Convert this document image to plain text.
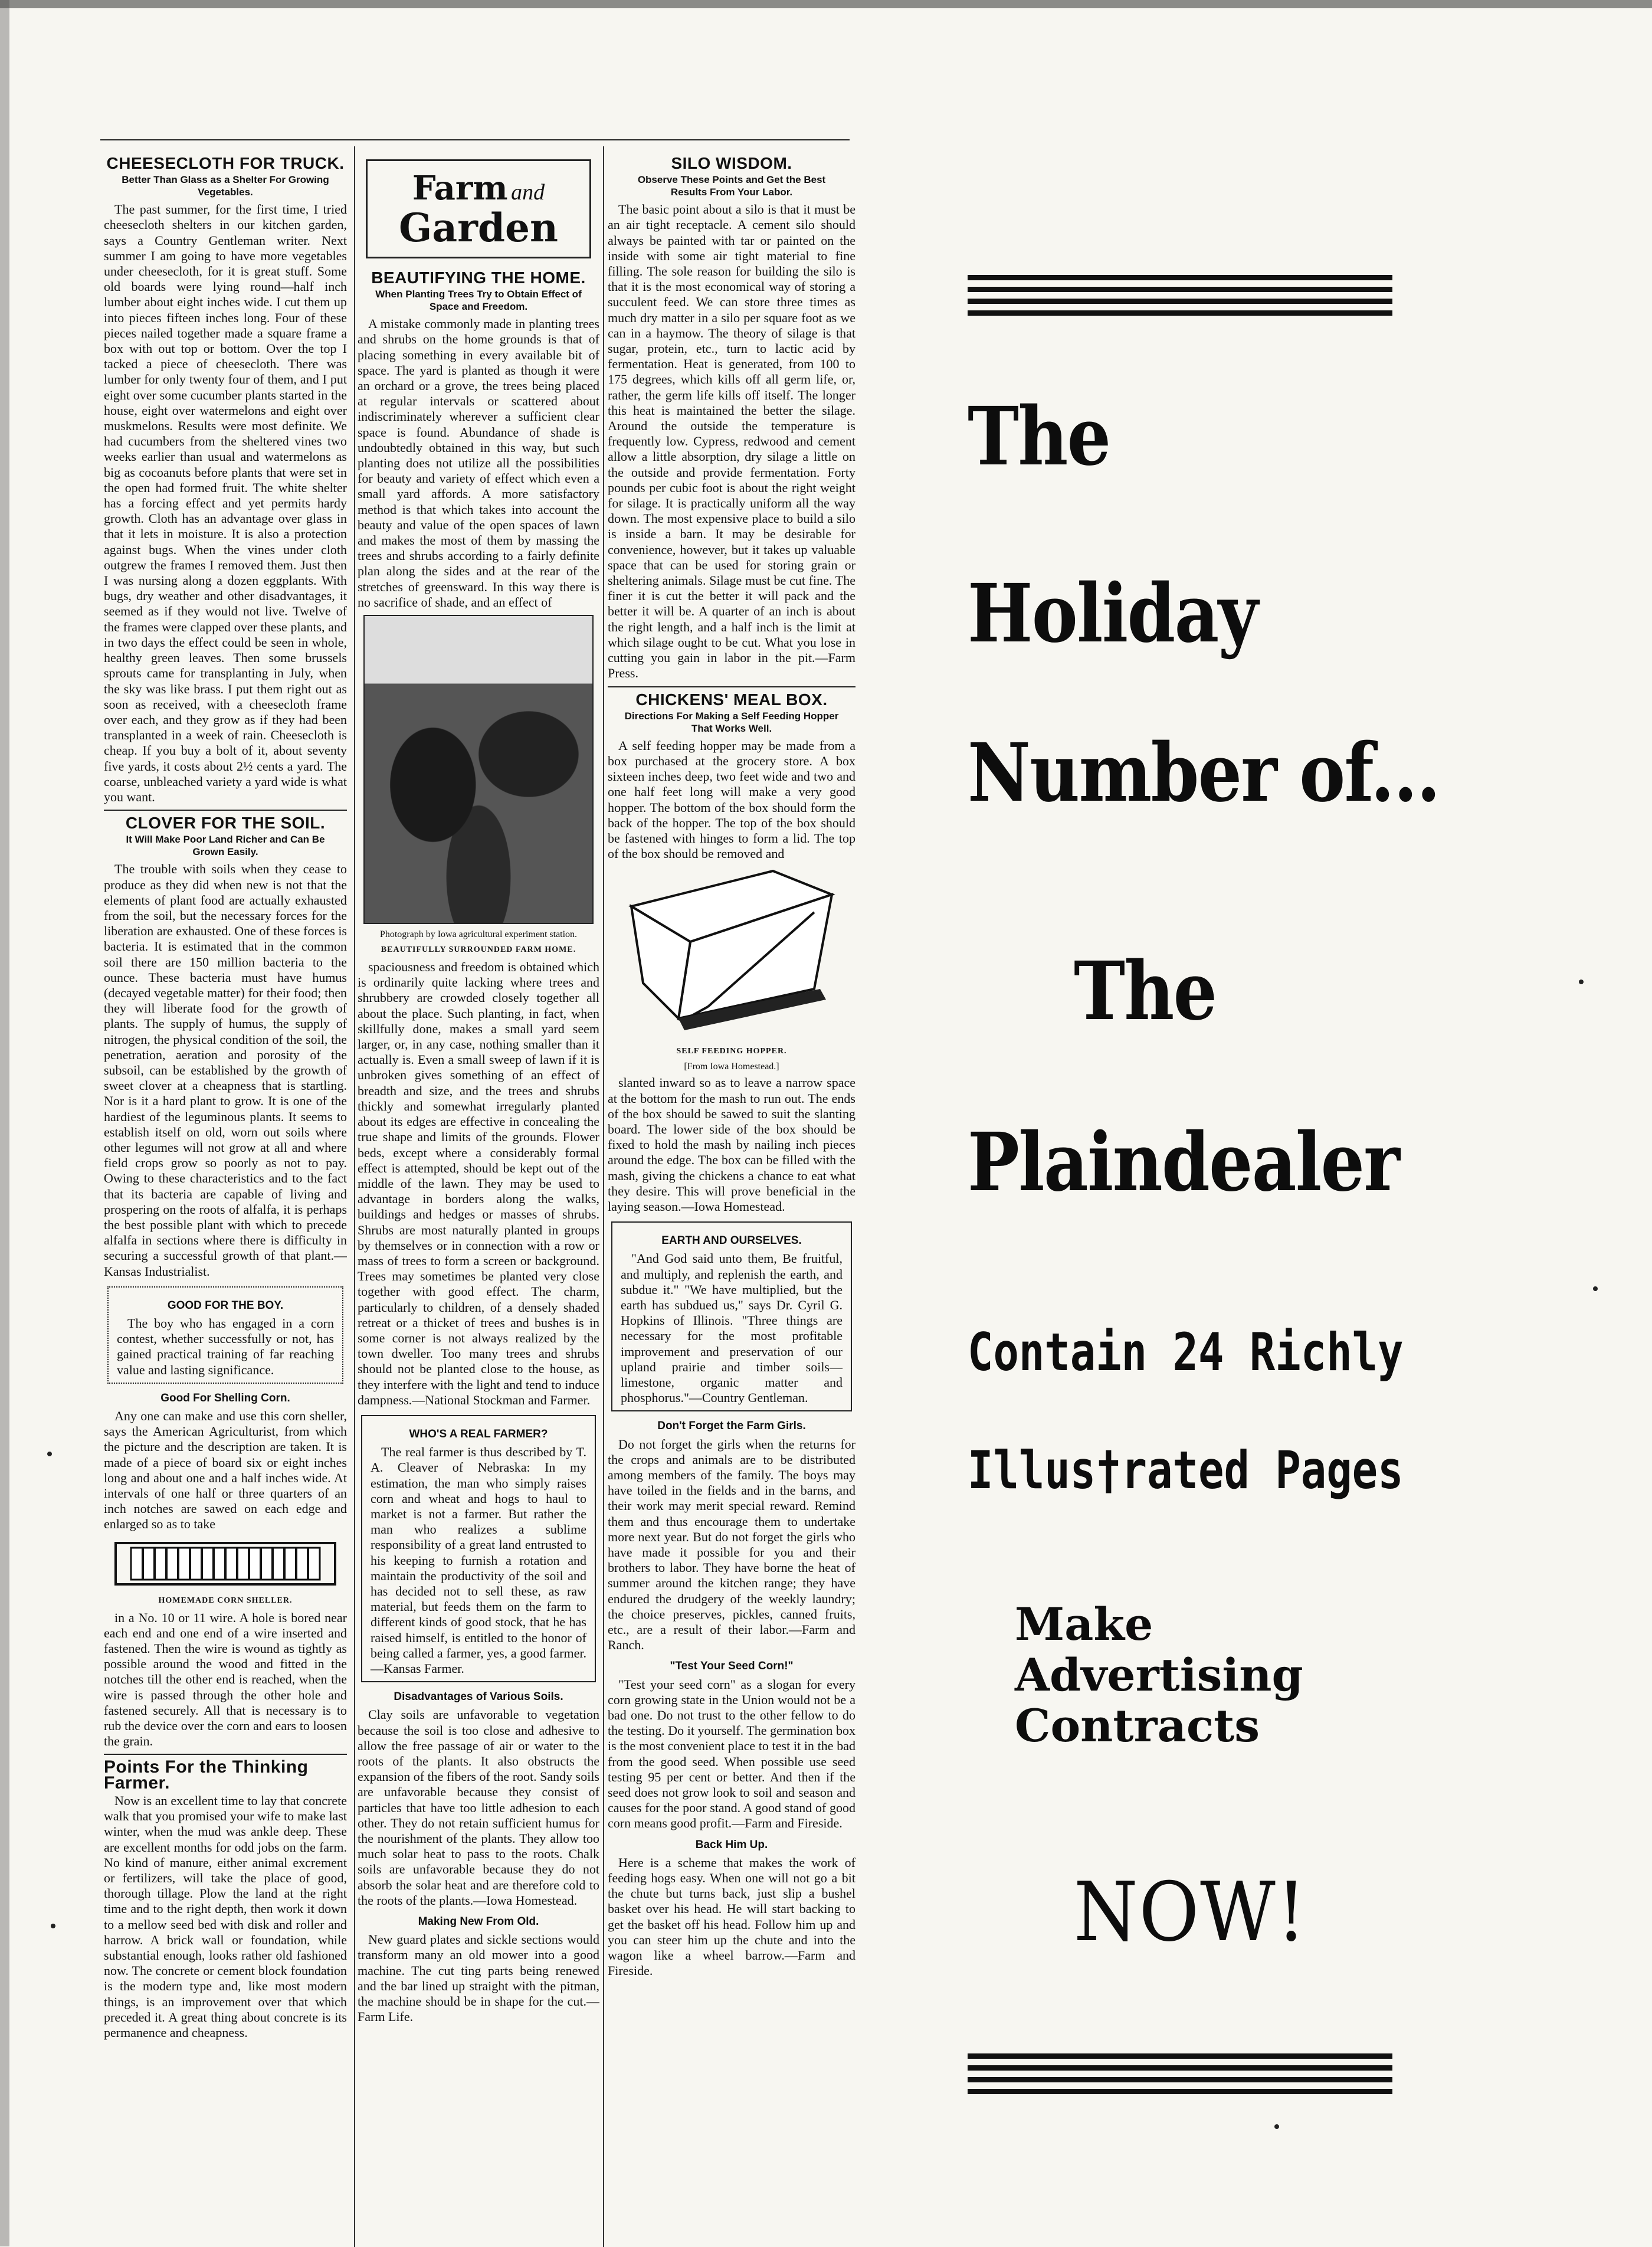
CHEESECLOTH FOR TRUCK.
Better Than Glass as a Shelter For Growing Vegetables.

The past summer, for the first time, I tried cheesecloth shelters in our kitchen garden, says a Country Gentleman writer. Next summer I am going to have more vegetables under cheesecloth, for it is great stuff. Some old boards were lying round—half inch lumber about eight inches wide. I cut them up into pieces fifteen inches long. Four of these pieces nailed together made a square frame a box with out top or bottom. Over the top I tacked a piece of cheesecloth. There was lumber for only twenty four of them, and I put eight over some cucumber plants started in the house, eight over watermelons and eight over muskmelons. Results were most definite. We had cucumbers from the sheltered vines two weeks earlier than usual and watermelons as big as cocoanuts before plants that were set in the open had formed fruit. The white shelter has a forcing effect and yet permits hardy growth. Cloth has an advantage over glass in that it lets in moisture. It is also a protection against bugs. When the vines under cloth outgrew the frames I removed them. Just then I was nursing along a dozen eggplants. With bugs, dry weather and other disadvantages, it seemed as if they would not live. Twelve of the frames were clapped over these plants, and in two days the effect could be seen in whole, healthy green leaves. Then some brussels sprouts came for transplanting in July, when the sky was like brass. I put them right out as soon as received, with a cheesecloth frame over each, and they grow as if they had been transplanted in a week of rain. Cheesecloth is cheap. If you buy a bolt of it, about seventy five yards, it costs about 2½ cents a yard. The coarse, unbleached variety a yard wide is what you want.

CLOVER FOR THE SOIL.
It Will Make Poor Land Richer and Can Be Grown Easily.

The trouble with soils when they cease to produce as they did when new is not that the elements of plant food are actually exhausted from the soil, but the necessary forces for the liberation are exhausted. One of these forces is bacteria. It is estimated that in the common soil there are 150 million bacteria to the ounce. These bacteria must have humus (decayed vegetable matter) for their food; then they will liberate food for the growth of plants. The supply of humus, the supply of nitrogen, the physical condition of the soil, the penetration, aeration and porosity of the subsoil, can be established by the growth of sweet clover at a cheapness that is startling. Nor is it a hard plant to grow. It is one of the hardiest of the leguminous plants. It seems to establish itself on old, worn out soils where other legumes will not grow at all and where field crops grow so poorly as not to pay. Owing to these characteristics and to the fact that its bacteria are capable of living and prospering on the roots of alfalfa, it is perhaps the best possible plant with which to precede alfalfa in sections where there is difficulty in securing a successful growth of that plant.—Kansas Industrialist.

GOOD FOR THE BOY.

The boy who has engaged in a corn contest, whether successfully or not, has gained practical training of far reaching value and lasting significance.

Good For Shelling Corn.

Any one can make and use this corn sheller, says the American Agriculturist, from which the picture and the description are taken. It is made of a piece of board six or eight inches long and about one and a half inches wide. At intervals of one half or three quarters of an inch notches are sawed on each edge and enlarged so as to take

HOMEMADE CORN SHELLER.

in a No. 10 or 11 wire. A hole is bored near each end and one end of a wire inserted and fastened. Then the wire is wound as tightly as possible around the wood and fitted in the notches till the other end is reached, when the wire is passed through the other hole and fastened securely. All that is necessary is to rub the device over the corn and ears to loosen the grain.

Points For the Thinking Farmer.

Now is an excellent time to lay that concrete walk that you promised your wife to make last winter, when the mud was ankle deep. These are excellent months for odd jobs on the farm. No kind of manure, either animal excrement or fertilizers, will take the place of good, thorough tillage. Plow the land at the right time and to the right depth, then work it down to a mellow seed bed with disk and roller and harrow. A brick wall or foundation, while substantial enough, looks rather old fashioned now. The concrete or cement block foundation is the modern type and, like most modern things, is an improvement over that which preceded it. A great thing about concrete is its permanence and cheapness.

Farm and
Garden
BEAUTIFYING THE HOME.
When Planting Trees Try to Obtain Effect of Space and Freedom.

A mistake commonly made in planting trees and shrubs on the home grounds is that of placing something in every available bit of space. The yard is planted as though it were an orchard or a grove, the trees being placed at regular intervals or scattered about indiscriminately wherever a sufficient clear space is found. Abundance of shade is undoubtedly obtained in this way, but such planting does not utilize all the possibilities for beauty and variety of effect which even a small yard affords. A more satisfactory method is that which takes into account the beauty and value of the open spaces of lawn and makes the most of them by massing the trees and shrubs according to a fairly definite plan along the sides and at the rear of the stretches of greensward. In this way there is no sacrifice of shade, and an effect of

Photograph by Iowa agricultural experiment station.
BEAUTIFULLY SURROUNDED FARM HOME.

spaciousness and freedom is obtained which is ordinarily quite lacking where trees and shrubbery are crowded closely together all about the place. Such planting, in fact, when skillfully done, makes a small yard seem larger, or, in any case, nothing smaller than it actually is. Even a small sweep of lawn if it is unbroken gives something of an effect of breadth and size, and the trees and shrubs thickly and somewhat irregularly planted about its edges are effective in concealing the true shape and limits of the grounds. Flower beds, except where a considerably formal effect is attempted, should be kept out of the middle of the lawn. They may be used to advantage in borders along the walks, buildings and hedges or masses of shrubs. Shrubs are most naturally planted in groups by themselves or in connection with a row or mass of trees to form a screen or background. Trees may sometimes be planted very close together with good effect. The charm, particularly to children, of a densely shaded retreat or a thicket of trees and bushes is in some corner is not always realized by the town dweller. Too many trees and shrubs should not be planted close to the house, as they interfere with the light and tend to induce dampness.—National Stockman and Farmer.

WHO'S A REAL FARMER?

The real farmer is thus described by T. A. Cleaver of Nebraska: In my estimation, the man who simply raises corn and wheat and hogs to haul to market is not a farmer. But rather the man who realizes a sublime responsibility of a great land entrusted to his keeping to furnish a rotation and maintain the productivity of the soil and has decided not to sell these, as raw material, but feeds them on the farm to different kinds of good stock, that he has raised himself, is entitled to the honor of being called a farmer, yes, a good farmer.—Kansas Farmer.

Disadvantages of Various Soils.

Clay soils are unfavorable to vegetation because the soil is too close and adhesive to allow the free passage of air or water to the roots of the plants. It also obstructs the expansion of the fibers of the root. Sandy soils are unfavorable because they consist of particles that have too little adhesion to each other. They do not retain sufficient humus for the nourishment of the plants. They allow too much solar heat to pass to the roots. Chalk soils are unfavorable because they do not absorb the solar heat and are therefore cold to the roots of the plants.—Iowa Homestead.

Making New From Old.

New guard plates and sickle sections would transform many an old mower into a good machine. The cut ting parts being renewed and the bar lined up straight with the pitman, the machine should be in shape for the cut.—Farm Life.

SILO WISDOM.
Observe These Points and Get the Best Results From Your Labor.

The basic point about a silo is that it must be an air tight receptacle. A cement silo should always be painted with tar or painted on the inside with some air tight material to fine filling. The sole reason for building the silo is that it is the most economical way of storing a succulent feed. We can store three times as much dry matter in a silo per square foot as we can in a haymow. The theory of silage is that sugar, protein, etc., turn to lactic acid by fermentation. Heat is generated, from 100 to 175 degrees, which kills off all germ life, or, rather, the germ life kills off itself. The longer this heat is maintained the better the silage. Around the outside the temperature is frequently low. Cypress, redwood and cement allow a little absorption, dry silage a little on the outside and provide fermentation. Forty pounds per cubic foot is about the right weight for silage. It is practically uniform all the way down. The most expensive place to build a silo is inside a barn. It may be desirable for convenience, however, but it takes up valuable space that can be used for storing grain or sheltering animals. Silage must be cut fine. The finer it is cut the better it will pack and the better it will be. A quarter of an inch is about the right length, and a half inch is the limit at which silage ought to be cut. What you lose in cutting you gain in labor in the pit.—Farm Press.

CHICKENS' MEAL BOX.
Directions For Making a Self Feeding Hopper That Works Well.

A self feeding hopper may be made from a box purchased at the grocery store. A box sixteen inches deep, two feet wide and two and one half feet long will make a very good hopper. The bottom of the box should form the back of the hopper. The top of the box should be fastened with hinges to form a lid. The top of the box should be removed and

SELF FEEDING HOPPER.
[From Iowa Homestead.]

slanted inward so as to leave a narrow space at the bottom for the mash to run out. The ends of the box should be sawed to suit the slanting board. The lower side of the box should be fixed to hold the mash by nailing inch pieces around the edge. The box can be filled with the mash, giving the chickens a chance to eat what they desire. This will prove beneficial in the laying season.—Iowa Homestead.

EARTH AND OURSELVES.

"And God said unto them, Be fruitful, and multiply, and replenish the earth, and subdue it." "We have multiplied, but the earth has subdued us," says Dr. Cyril G. Hopkins of Illinois. "Three things are necessary for the most profitable improvement and preservation of our upland prairie and timber soils—limestone, organic matter and phosphorus."—Country Gentleman.

Don't Forget the Farm Girls.

Do not forget the girls when the returns for the crops and animals are to be distributed among members of the family. The boys may have toiled in the fields and in the barns, and their work may merit special reward. Remind them and thus encourage them to undertake more next year. But do not forget the girls who have made it possible for you and their brothers to labor. They have borne the heat of summer around the kitchen range; they have endured the drudgery of the weekly laundry; the choice preserves, pickles, canned fruits, etc., are a result of their labor.—Farm and Ranch.

"Test Your Seed Corn!"

"Test your seed corn" as a slogan for every corn growing state in the Union would not be a bad one. Do not trust to the other fellow to do the testing. Do it yourself. The germination box is the most convenient place to test it in the bad from the good seed. When possible use seed testing 95 per cent or better. And then if the seed does not grow look to soil and season and causes for the poor stand. A good stand of good corn means good profit.—Farm and Fireside.

Back Him Up.

Here is a scheme that makes the work of feeding hogs easy. When one will not go a bit the chute but turns back, just slip a bushel basket over his head. He will start backing to get the basket off his head. Follow him up and you can steer him up the chute and into the wagon like a wheel barrow.—Farm and Fireside.

The
Holiday
Number of...
The
Plaindealer
Contain 24 Richly
Illus†rated Pages
Make
Advertising
Contracts
NOW!
